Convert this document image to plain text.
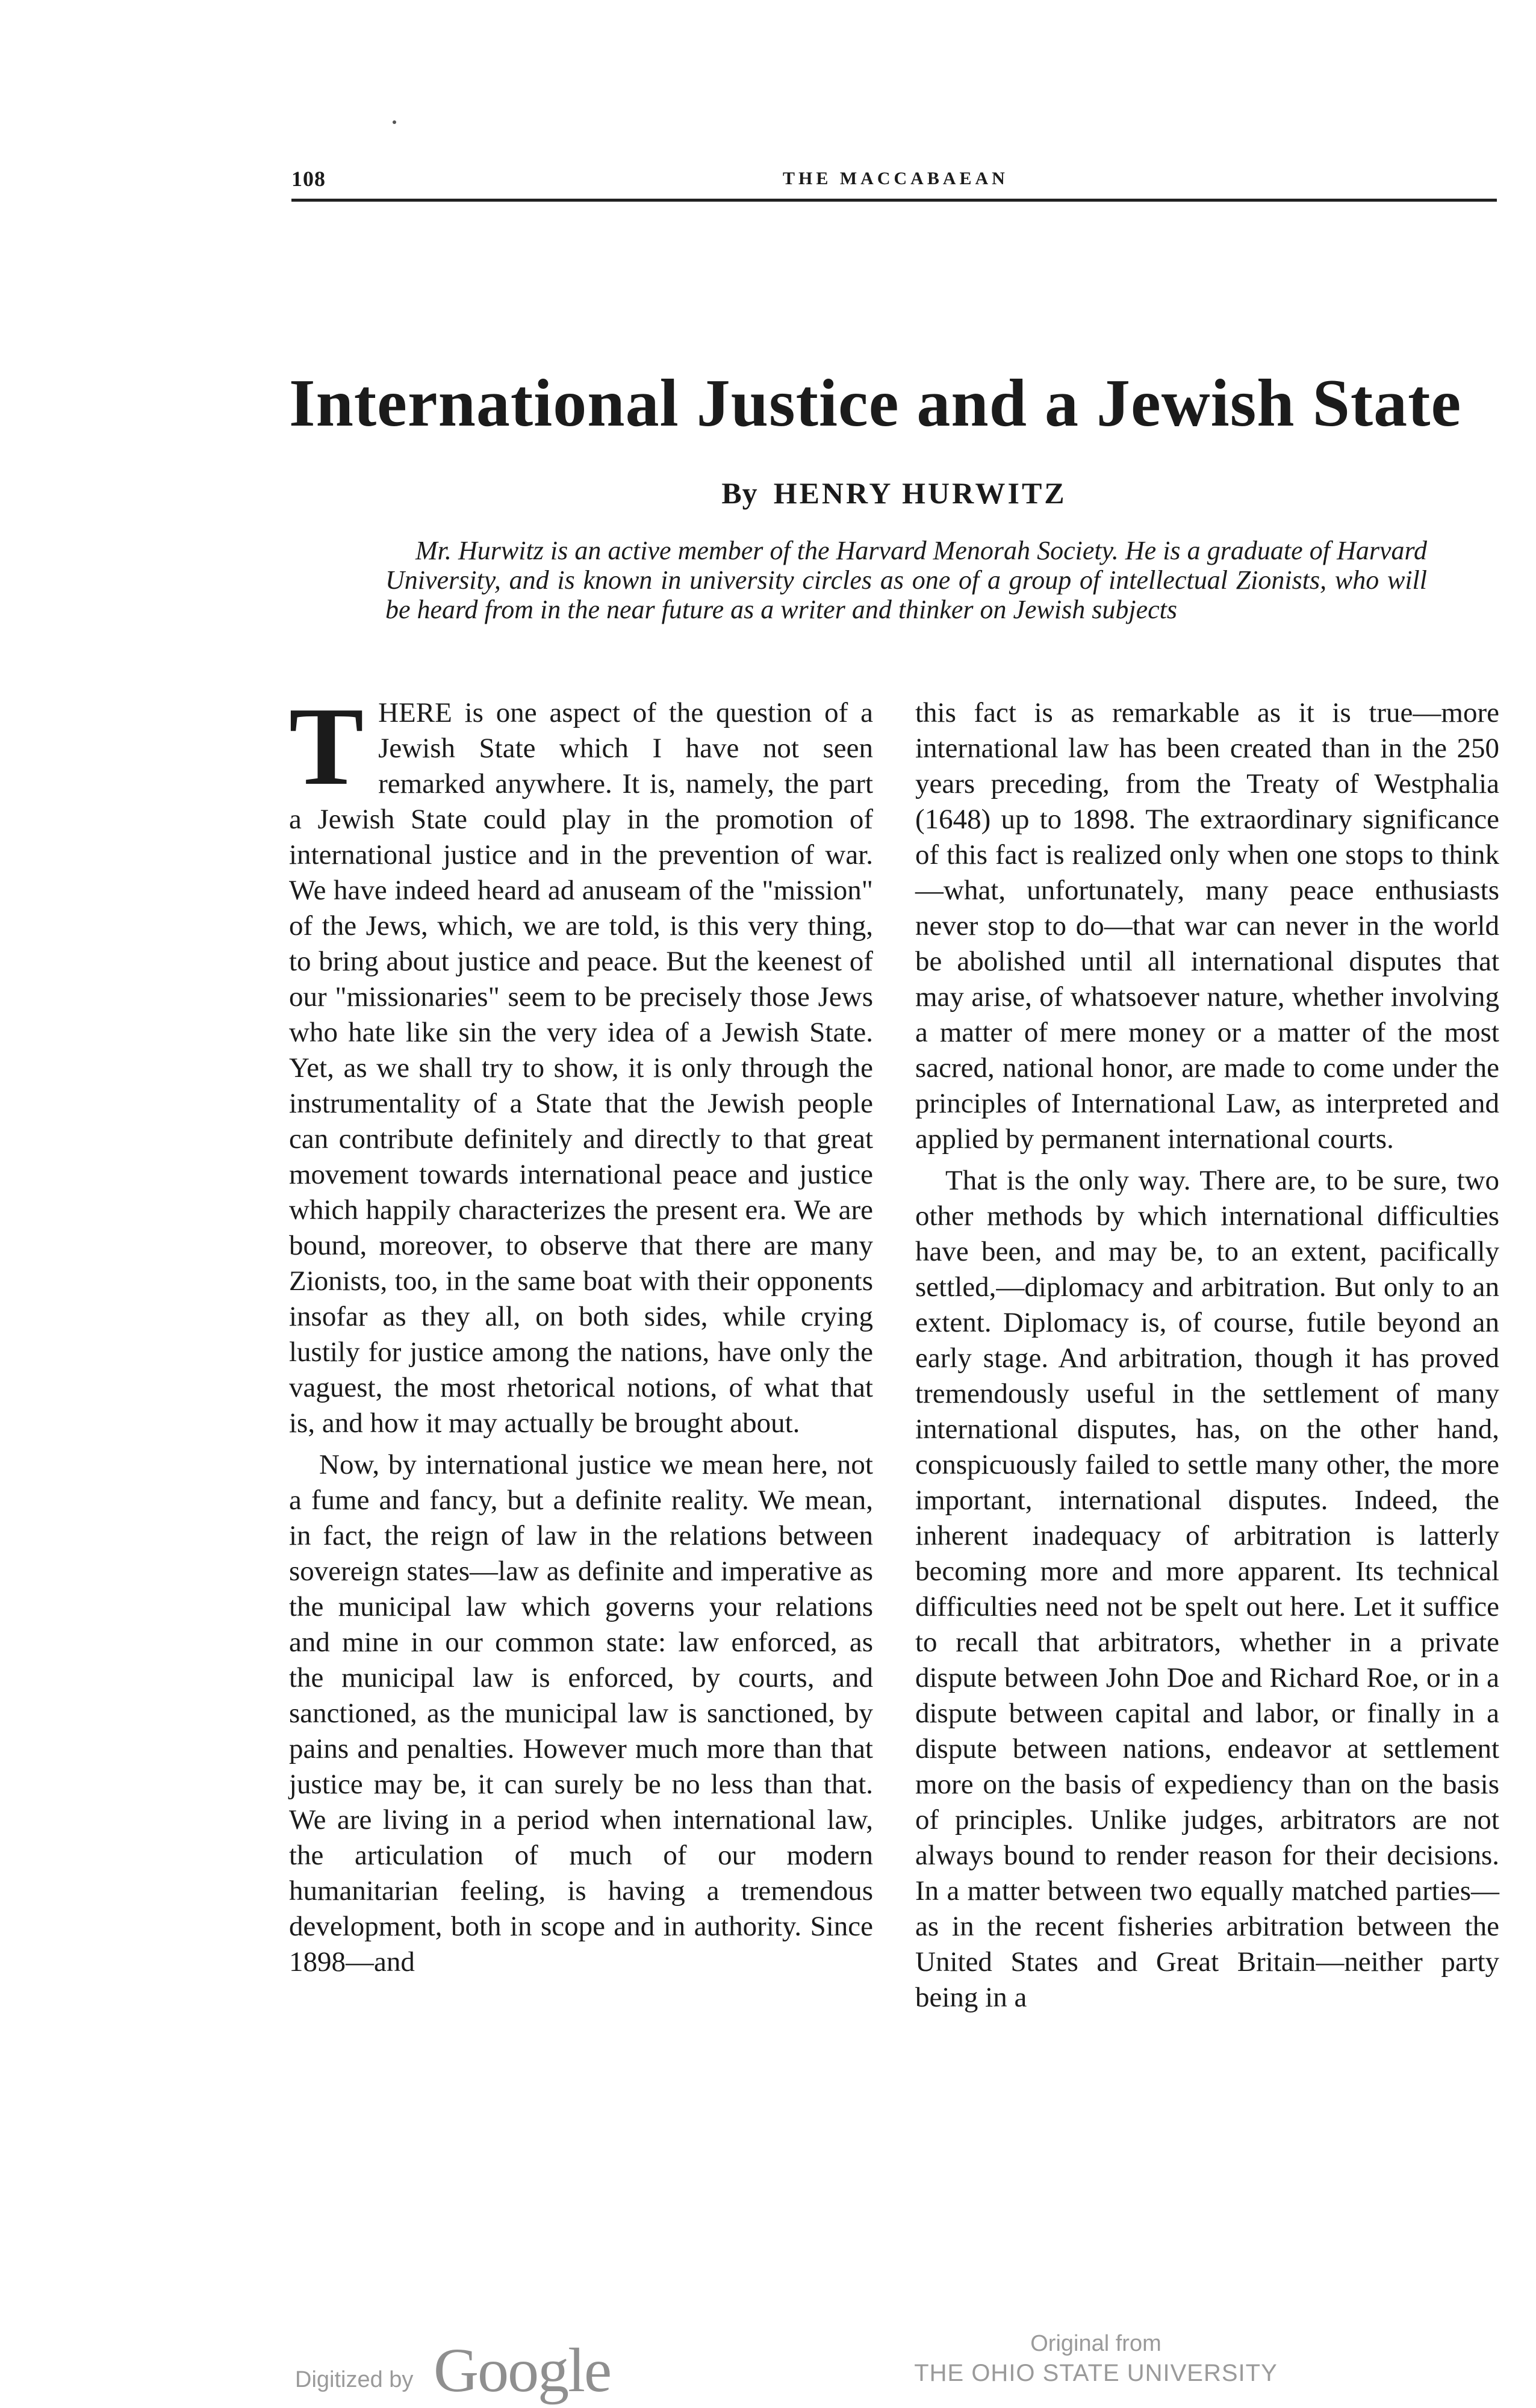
108	THE MACCABAEAN
International Justice and a Jewish State
By HENRY HURWITZ

Mr. Hurwitz is an active member of the Harvard Menorah Society. He is a graduate of Harvard University, and is known in university circles as one of a group of intellectual Zionists, who will be heard from in the near future as a writer and thinker on Jewish subjects

THERE is one aspect of the question of a Jewish State which I have not seen remarked anywhere. It is, namely, the part a Jewish State could play in the promotion of international justice and in the prevention of war. We have indeed heard ad anuseam of the "mission" of the Jews, which, we are told, is this very thing, to bring about justice and peace. But the keenest of our "missionaries" seem to be precisely those Jews who hate like sin the very idea of a Jewish State. Yet, as we shall try to show, it is only through the instrumentality of a State that the Jewish people can contribute definitely and directly to that great movement towards international peace and justice which happily characterizes the present era. We are bound, moreover, to observe that there are many Zionists, too, in the same boat with their opponents insofar as they all, on both sides, while crying lustily for justice among the nations, have only the vaguest, the most rhetorical notions, of what that is, and how it may actually be brought about.

Now, by international justice we mean here, not a fume and fancy, but a definite reality. We mean, in fact, the reign of law in the relations between sovereign states—law as definite and imperative as the municipal law which governs your relations and mine in our common state: law enforced, as the municipal law is enforced, by courts, and sanctioned, as the municipal law is sanctioned, by pains and penalties. However much more than that justice may be, it can surely be no less than that. We are living in a period when international law, the articulation of much of our modern humanitarian feeling, is having a tremendous development, both in scope and in authority. Since 1898—and

this fact is as remarkable as it is true—more international law has been created than in the 250 years preceding, from the Treaty of Westphalia (1648) up to 1898. The extraordinary significance of this fact is realized only when one stops to think—what, unfortunately, many peace enthusiasts never stop to do—that war can never in the world be abolished until all international disputes that may arise, of whatsoever nature, whether involving a matter of mere money or a matter of the most sacred, national honor, are made to come under the principles of International Law, as interpreted and applied by permanent international courts.

That is the only way. There are, to be sure, two other methods by which international difficulties have been, and may be, to an extent, pacifically settled,—diplomacy and arbitration. But only to an extent. Diplomacy is, of course, futile beyond an early stage. And arbitration, though it has proved tremendously useful in the settlement of many international disputes, has, on the other hand, conspicuously failed to settle many other, the more important, international disputes. Indeed, the inherent inadequacy of arbitration is latterly becoming more and more apparent. Its technical difficulties need not be spelt out here. Let it suffice to recall that arbitrators, whether in a private dispute between John Doe and Richard Roe, or in a dispute between capital and labor, or finally in a dispute between nations, endeavor at settlement more on the basis of expediency than on the basis of principles. Unlike judges, arbitrators are not always bound to render reason for their decisions. In a matter between two equally matched parties—as in the recent fisheries arbitration between the United States and Great Britain—neither party being in a

Digitized by Google	Original from
THE OHIO STATE UNIVERSITY
